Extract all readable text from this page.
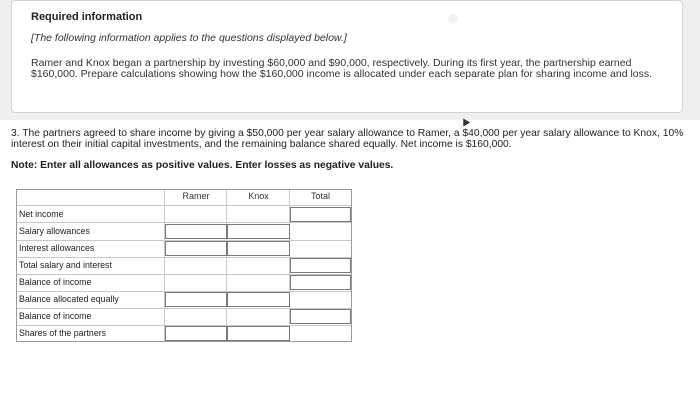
Required information
[The following information applies to the questions displayed below.]
Ramer and Knox began a partnership by investing $60,000 and $90,000, respectively. During its first year, the partnership earned $160,000. Prepare calculations showing how the $160,000 income is allocated under each separate plan for sharing income and loss.
3. The partners agreed to share income by giving a $50,000 per year salary allowance to Ramer, a $40,000 per year salary allowance to Knox, 10% interest on their initial capital investments, and the remaining balance shared equally. Net income is $160,000.
Note: Enter all allowances as positive values. Enter losses as negative values.
Ramer	Knox	Total
Net income
Salary allowances
Interest allowances
Total salary and interest
Balance of income
Balance allocated equally
Balance of income
Shares of the partners
